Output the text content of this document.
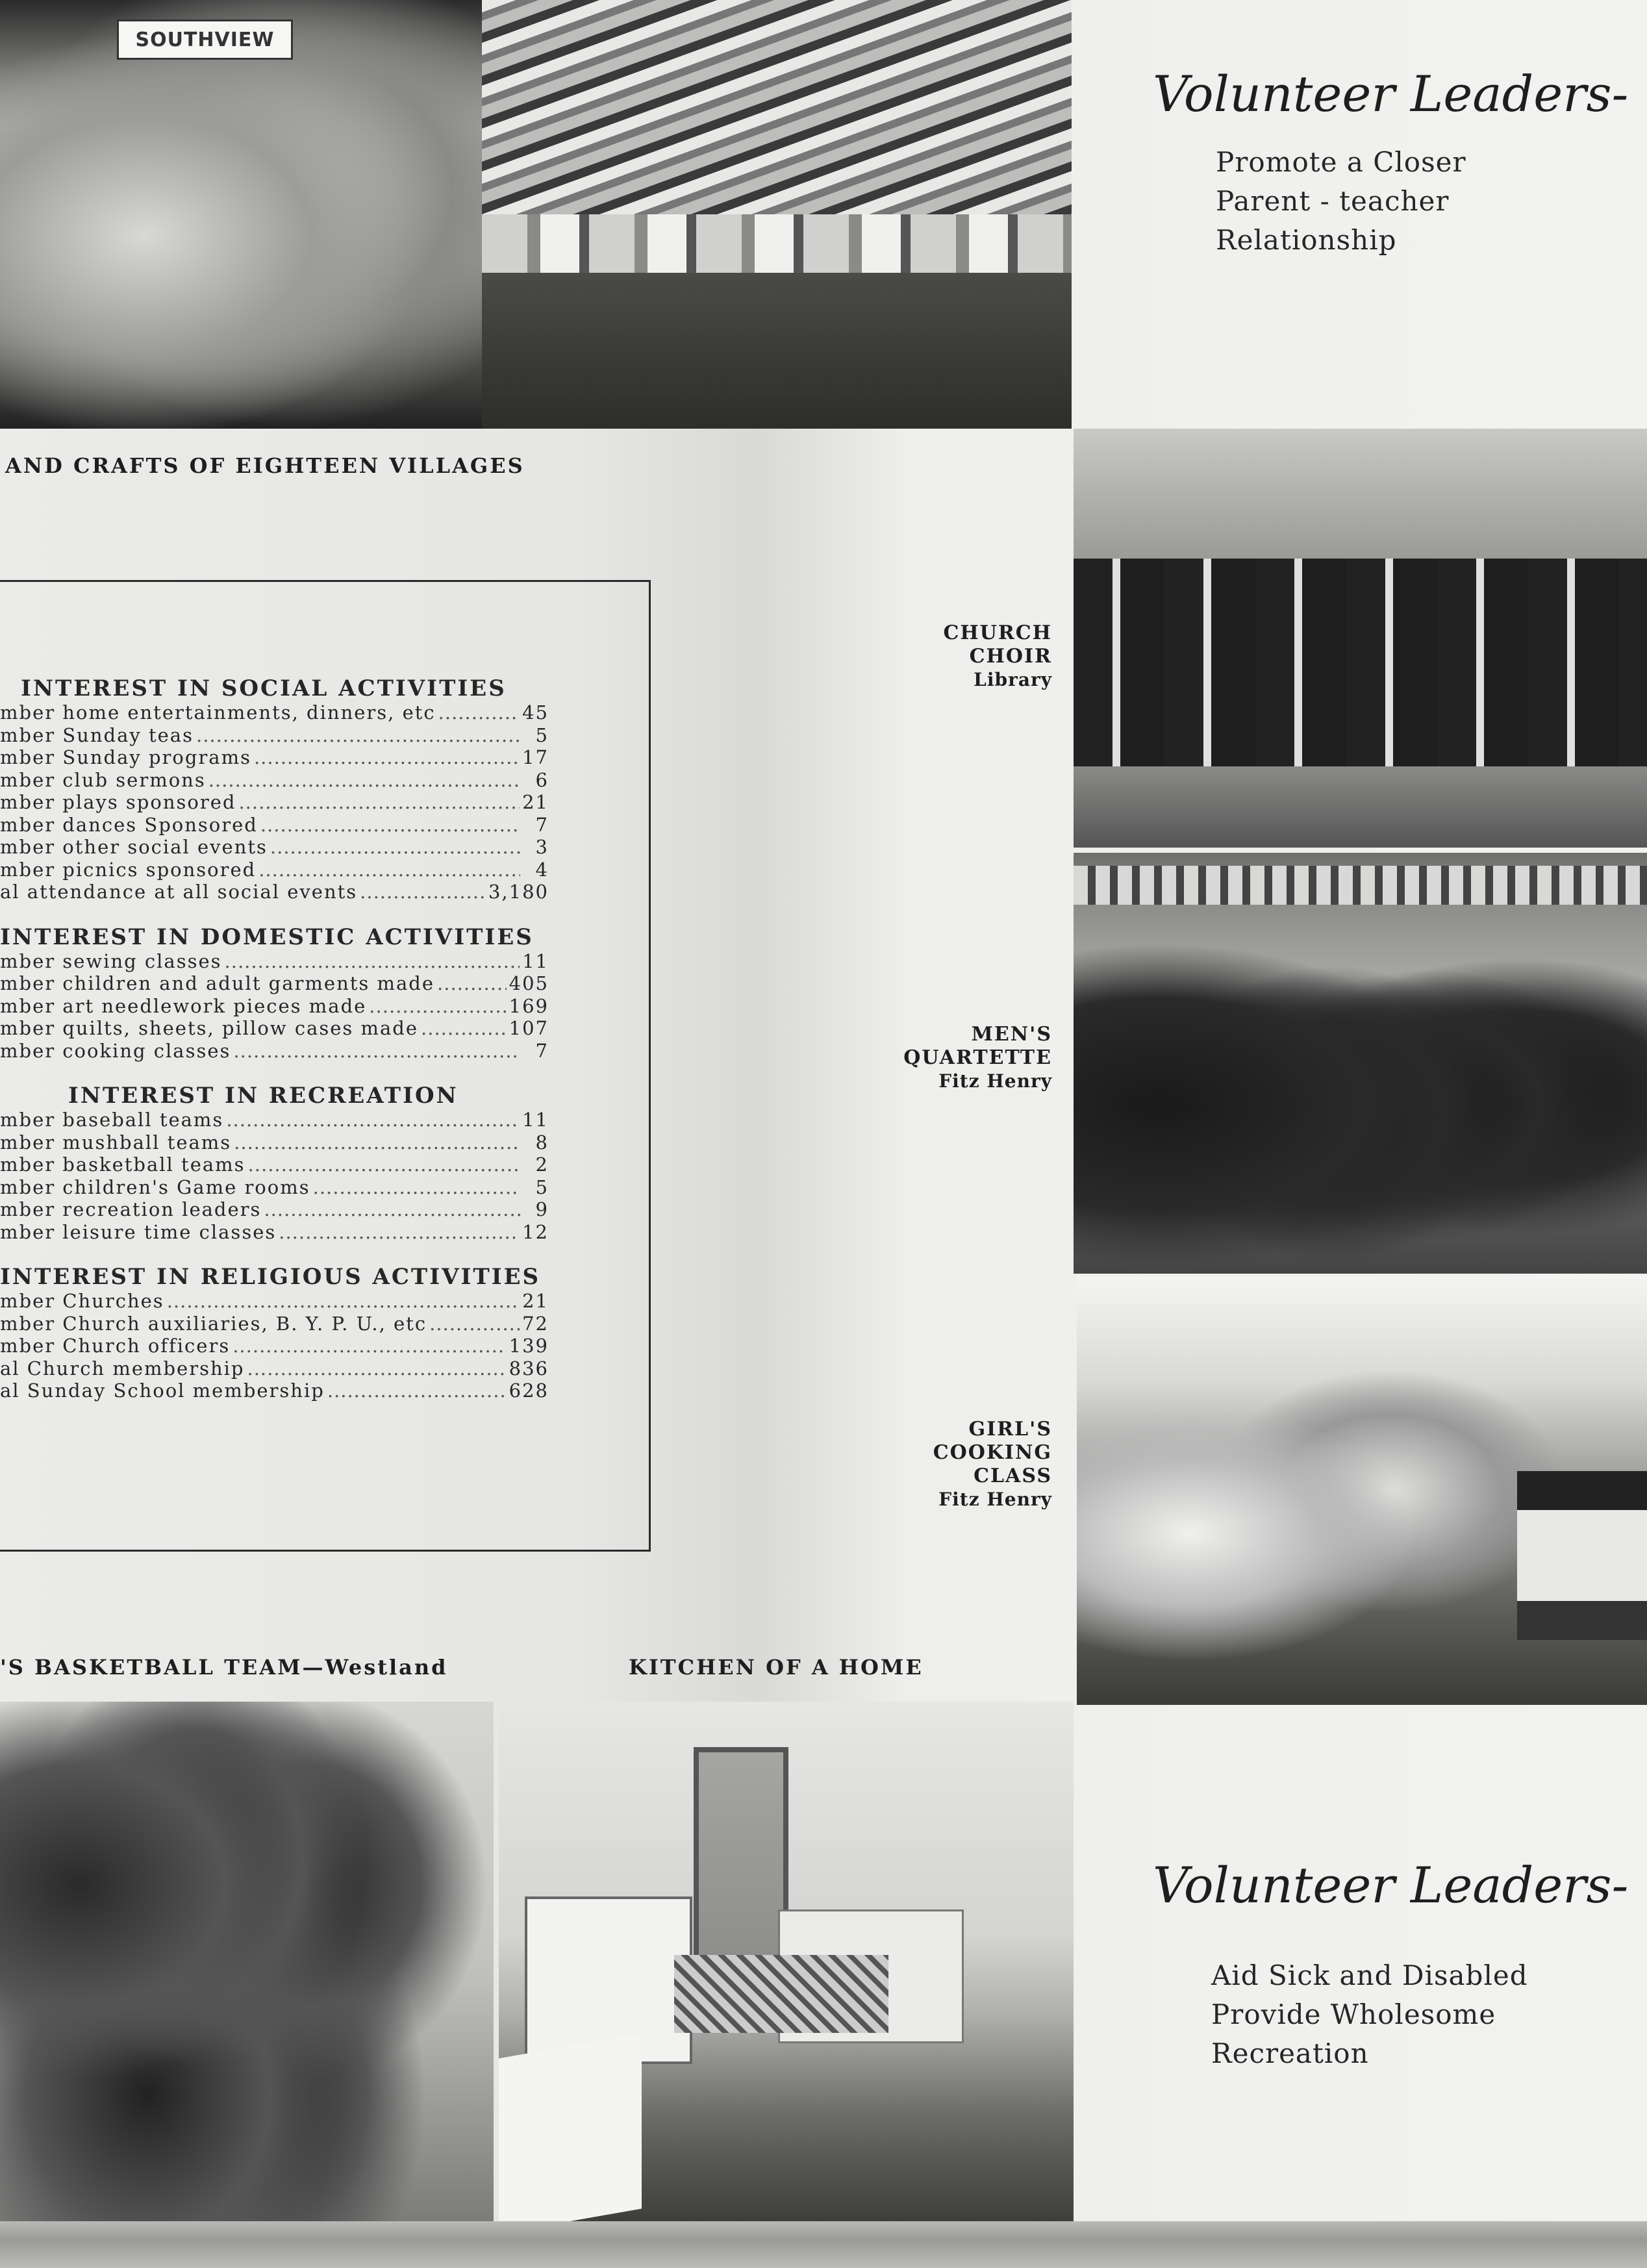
SOUTHVIEW
Volunteer Leaders-
Promote a Closer
Parent - teacher
Relationship
AND CRAFTS OF EIGHTEEN VILLAGES
INTEREST IN SOCIAL ACTIVITIES
mber home entertainments, dinners, etc .....	45
mber Sunday teas .....	5
mber Sunday programs .....	17
mber club sermons .....	6
mber plays sponsored .....	21
mber dances Sponsored .....	7
mber other social events .....	3
mber picnics sponsored .....	4
al attendance at all social events .....	3,180
INTEREST IN DOMESTIC ACTIVITIES
mber sewing classes .....	11
mber children and adult garments made .....	405
mber art needlework pieces made .....	169
mber quilts, sheets, pillow cases made .....	107
mber cooking classes .....	7
INTEREST IN RECREATION
mber baseball teams .....	11
mber mushball teams .....	8
mber basketball teams .....	2
mber children's Game rooms .....	5
mber recreation leaders .....	9
mber leisure time classes .....	12
INTEREST IN RELIGIOUS ACTIVITIES
mber Churches .....	21
mber Church auxiliaries, B. Y. P. U., etc .....	72
mber Church officers .....	139
al Church membership .....	836
al Sunday School membership .....	628
CHURCH
CHOIR
Library
MEN'S
QUARTETTE
Fitz Henry
GIRL'S
COOKING
CLASS
Fitz Henry
'S BASKETBALL TEAM—Westland	KITCHEN OF A HOME
Volunteer Leaders-
Aid Sick and Disabled
Provide Wholesome
Recreation
